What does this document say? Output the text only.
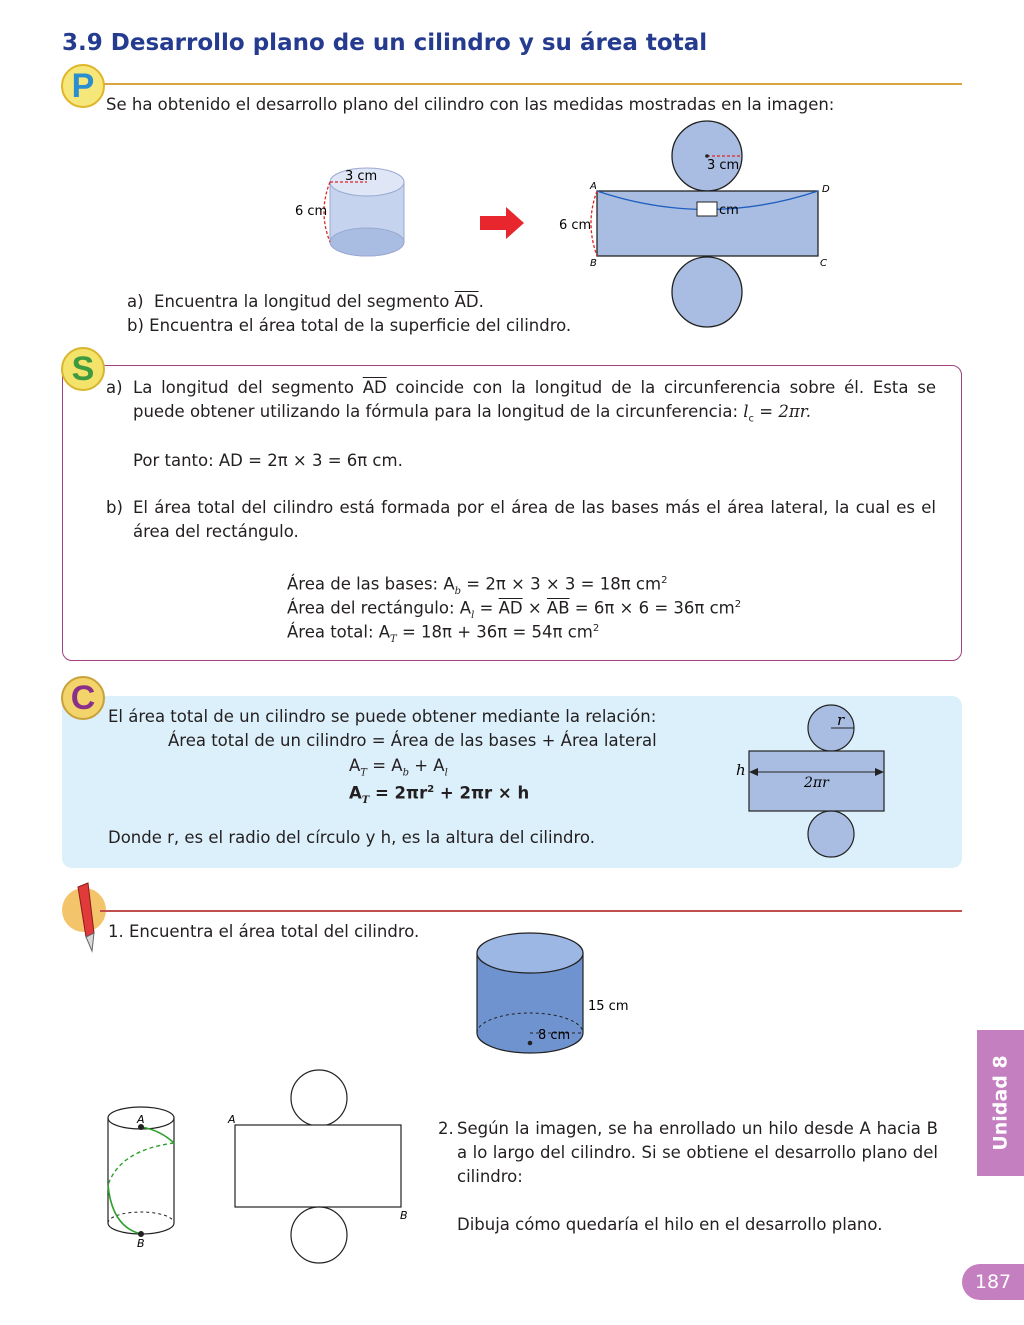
3.9 Desarrollo plano de un cilindro y su área total
P Se ha obtenido el desarrollo plano del cilindro con las medidas mostradas en la imagen:
3 cm
6 cm
3 cm
cm
6 cm
A	D
B	C
a)  Encuentra la longitud del segmento $\overline{AD}$.
b) Encuentra el área total de la superficie del cilindro.
S a) La longitud del segmento $\overline{AD}$ coincide con la longitud de la circunferencia sobre él. Esta se puede obtener utilizando la fórmula para la longitud de la circunferencia: $l_c = 2\pi r$.
Por tanto: AD = 2π × 3 = 6π cm.
b) El área total del cilindro está formada por el área de las bases más el área lateral, la cual es el área del rectángulo.
Área de las bases: $A_b = 2\pi \times 3 \times 3 = 18\pi$ $cm^2$
Área del rectángulo: $A_l = \overline{AD} \times \overline{AB} = 6\pi \times 6 = 36\pi$ $cm^2$
Área total: $A_T = 18\pi + 36\pi = 54\pi$ $cm^2$
C El área total de un cilindro se puede obtener mediante la relación:
Área total de un cilindro = Área de las bases + Área lateral
$A_T = A_b + A_l$
$A_T = 2\pi r^2 + 2\pi r \times h$
Donde r, es el radio del círculo y h, es la altura del cilindro.
r
h
2πr
1. Encuentra el área total del cilindro.
15 cm
8 cm
A
B
A
B
2. Según la imagen, se ha enrollado un hilo desde A hacia B a lo largo del cilindro. Si se obtiene el desarrollo plano del cilindro:
Dibuja cómo quedaría el hilo en el desarrollo plano.
Unidad 8
187
